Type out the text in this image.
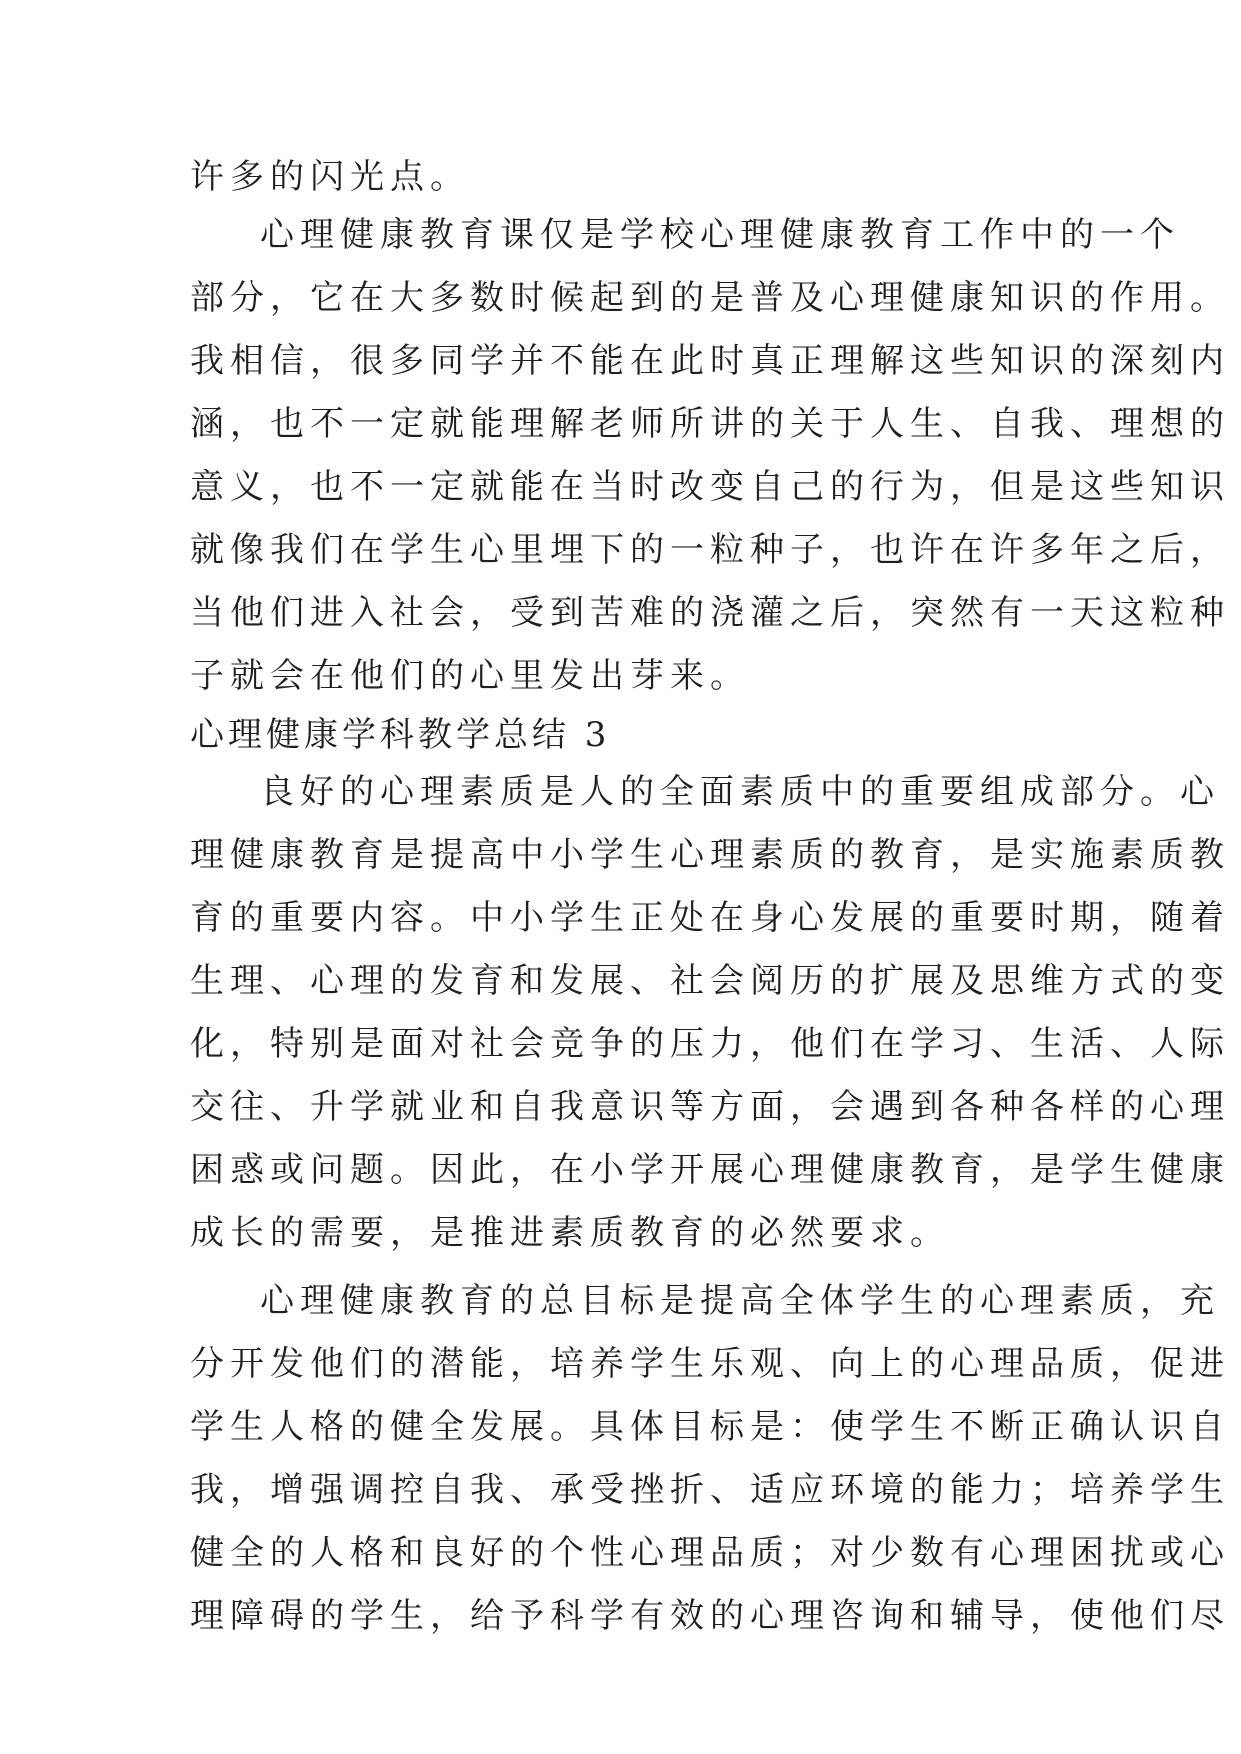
许多的闪光点。
心理健康教育课仅是学校心理健康教育工作中的一个
部分，它在大多数时候起到的是普及心理健康知识的作用。
我相信，很多同学并不能在此时真正理解这些知识的深刻内
涵，也不一定就能理解老师所讲的关于人生、自我、理想的
意义，也不一定就能在当时改变自己的行为，但是这些知识
就像我们在学生心里埋下的一粒种子，也许在许多年之后，
当他们进入社会，受到苦难的浇灌之后，突然有一天这粒种
子就会在他们的心里发出芽来。
心理健康学科教学总结 3
良好的心理素质是人的全面素质中的重要组成部分。心
理健康教育是提高中小学生心理素质的教育，是实施素质教
育的重要内容。中小学生正处在身心发展的重要时期，随着
生理、心理的发育和发展、社会阅历的扩展及思维方式的变
化，特别是面对社会竞争的压力，他们在学习、生活、人际
交往、升学就业和自我意识等方面，会遇到各种各样的心理
困惑或问题。因此，在小学开展心理健康教育，是学生健康
成长的需要，是推进素质教育的必然要求。
心理健康教育的总目标是提高全体学生的心理素质，充
分开发他们的潜能，培养学生乐观、向上的心理品质，促进
学生人格的健全发展。具体目标是：使学生不断正确认识自
我，增强调控自我、承受挫折、适应环境的能力；培养学生
健全的人格和良好的个性心理品质；对少数有心理困扰或心
理障碍的学生，给予科学有效的心理咨询和辅导，使他们尽
